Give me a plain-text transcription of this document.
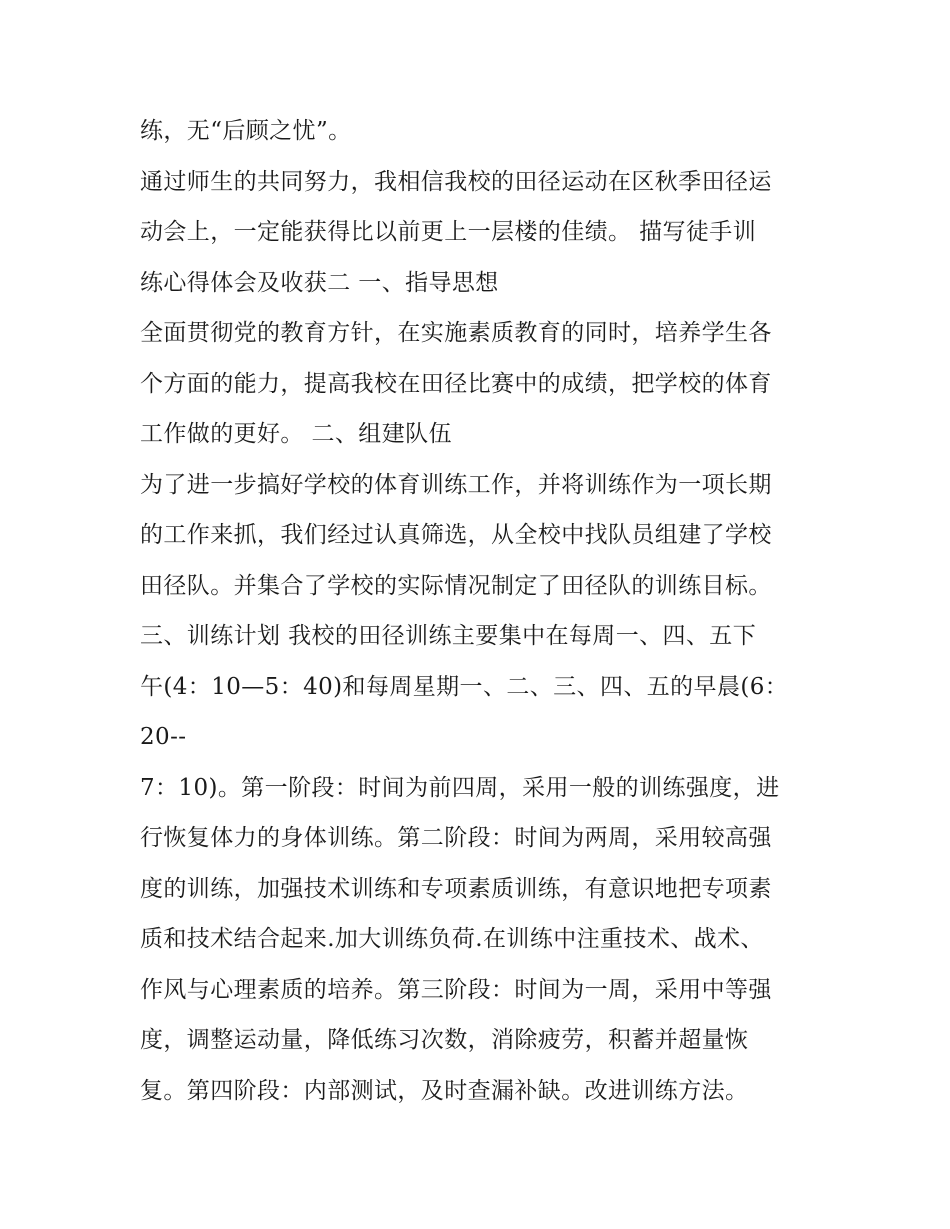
练，无“后顾之忧”。
通过师生的共同努力，我相信我校的田径运动在区秋季田径运
动会上，一定能获得比以前更上一层楼的佳绩。 描写徒手训
练心得体会及收获二 一、指导思想
全面贯彻党的教育方针，在实施素质教育的同时，培养学生各
个方面的能力，提高我校在田径比赛中的成绩，把学校的体育
工作做的更好。 二、组建队伍
为了进一步搞好学校的体育训练工作，并将训练作为一项长期
的工作来抓，我们经过认真筛选，从全校中找队员组建了学校
田径队。并集合了学校的实际情况制定了田径队的训练目标。
三、训练计划 我校的田径训练主要集中在每周一、四、五下
午(4：10—5：40)和每周星期一、二、三、四、五的早晨(6：
20--
7：10)。第一阶段：时间为前四周，采用一般的训练强度，进
行恢复体力的身体训练。第二阶段：时间为两周，采用较高强
度的训练，加强技术训练和专项素质训练，有意识地把专项素
质和技术结合起来.加大训练负荷.在训练中注重技术、战术、
作风与心理素质的培养。第三阶段：时间为一周，采用中等强
度，调整运动量，降低练习次数，消除疲劳，积蓄并超量恢
复。第四阶段：内部测试，及时查漏补缺。改进训练方法。
